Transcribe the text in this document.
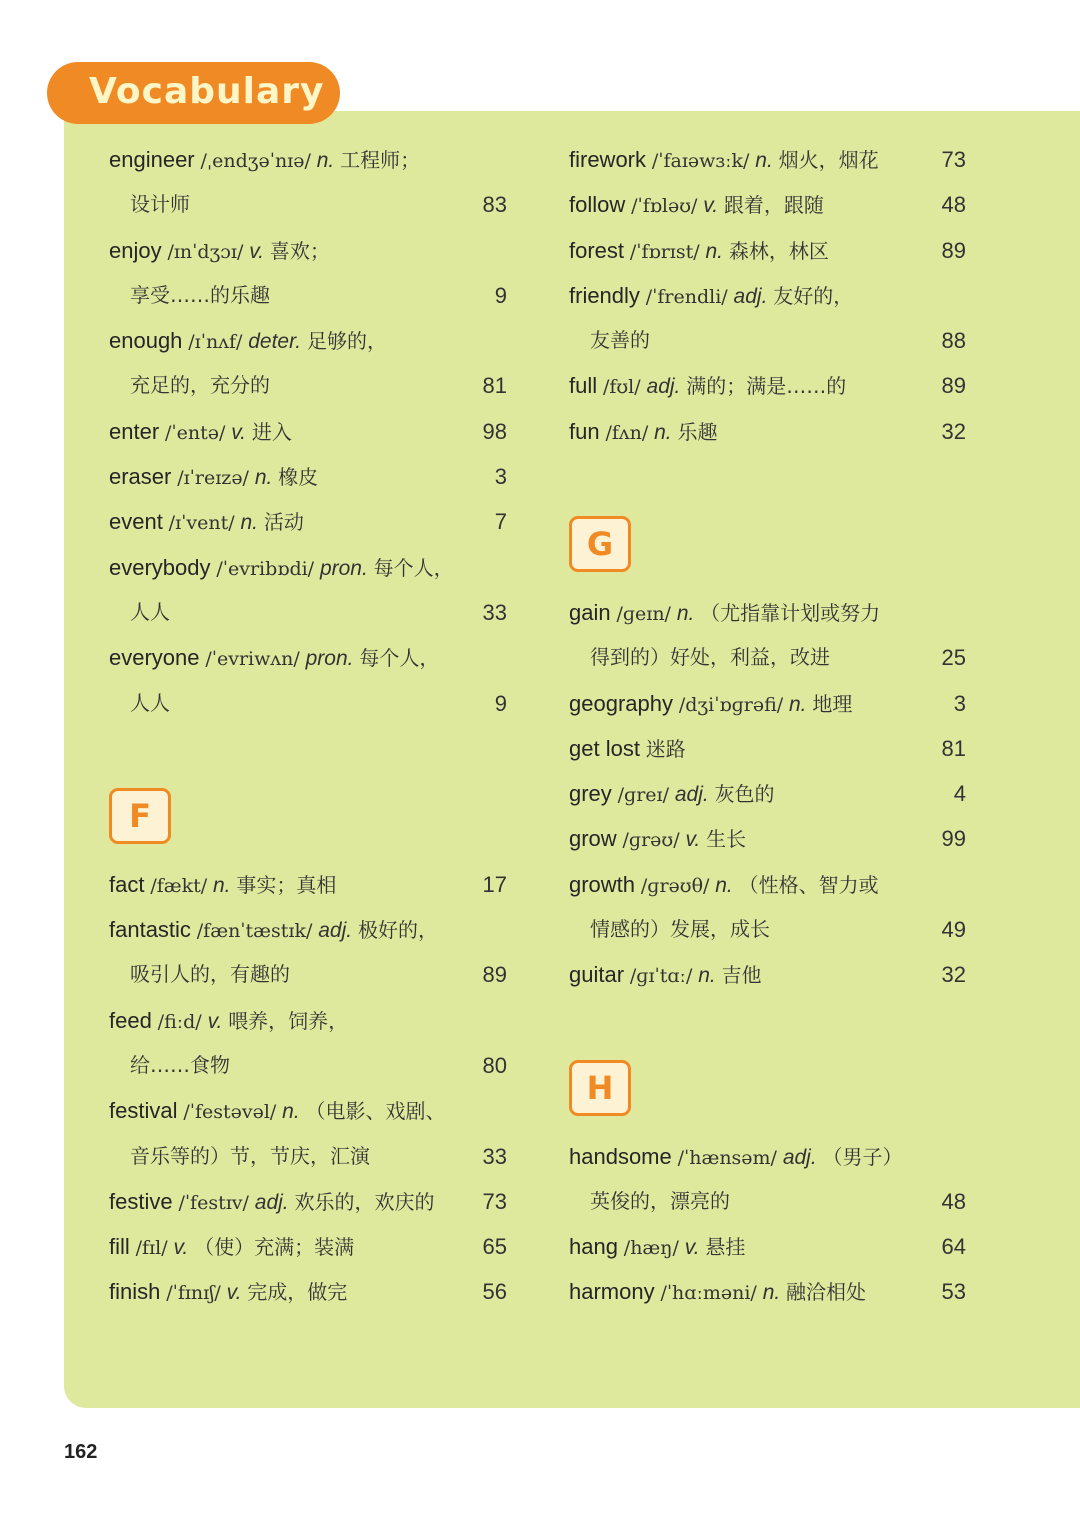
Vocabulary
engineer /ˌendʒəˈnɪə/ n. 工程师；
设计师	83
enjoy /ɪnˈdʒɔɪ/ v. 喜欢；
享受……的乐趣	9
enough /ɪˈnʌf/ deter. 足够的，
充足的，充分的	81
enter /ˈentə/ v. 进入	98
eraser /ɪˈreɪzə/ n. 橡皮	3
event /ɪˈvent/ n. 活动	7
everybody /ˈevribɒdi/ pron. 每个人，
人人	33
everyone /ˈevriwʌn/ pron. 每个人，
人人	9
F
fact /fækt/ n. 事实；真相	17
fantastic /fænˈtæstɪk/ adj. 极好的，
吸引人的，有趣的	89
feed /fiːd/ v. 喂养，饲养，
给……食物	80
festival /ˈfestəvəl/ n. （电影、戏剧、
音乐等的）节，节庆，汇演	33
festive /ˈfestɪv/ adj. 欢乐的，欢庆的 73
fill /fɪl/ v. （使）充满；装满	65
finish /ˈfɪnɪʃ/ v. 完成，做完	56
firework /ˈfaɪəwɜːk/ n. 烟火，烟花	73
follow /ˈfɒləʊ/ v. 跟着，跟随	48
forest /ˈfɒrɪst/ n. 森林，林区	89
friendly /ˈfrendli/ adj. 友好的，
友善的	88
full /fʊl/ adj. 满的；满是……的	89
fun /fʌn/ n. 乐趣	32
G
gain /ɡeɪn/ n. （尤指靠计划或努力
得到的）好处，利益，改进	25
geography /dʒiˈɒɡrəfi/ n. 地理	3
get lost 迷路	81
grey /ɡreɪ/ adj. 灰色的	4
grow /ɡrəʊ/ v. 生长	99
growth /ɡrəʊθ/ n. （性格、智力或
情感的）发展，成长	49
guitar /ɡɪˈtɑː/ n. 吉他	32
H
handsome /ˈhænsəm/ adj. （男子）
英俊的，漂亮的	48
hang /hæŋ/ v. 悬挂	64
harmony /ˈhɑːməni/ n. 融洽相处	53
162
